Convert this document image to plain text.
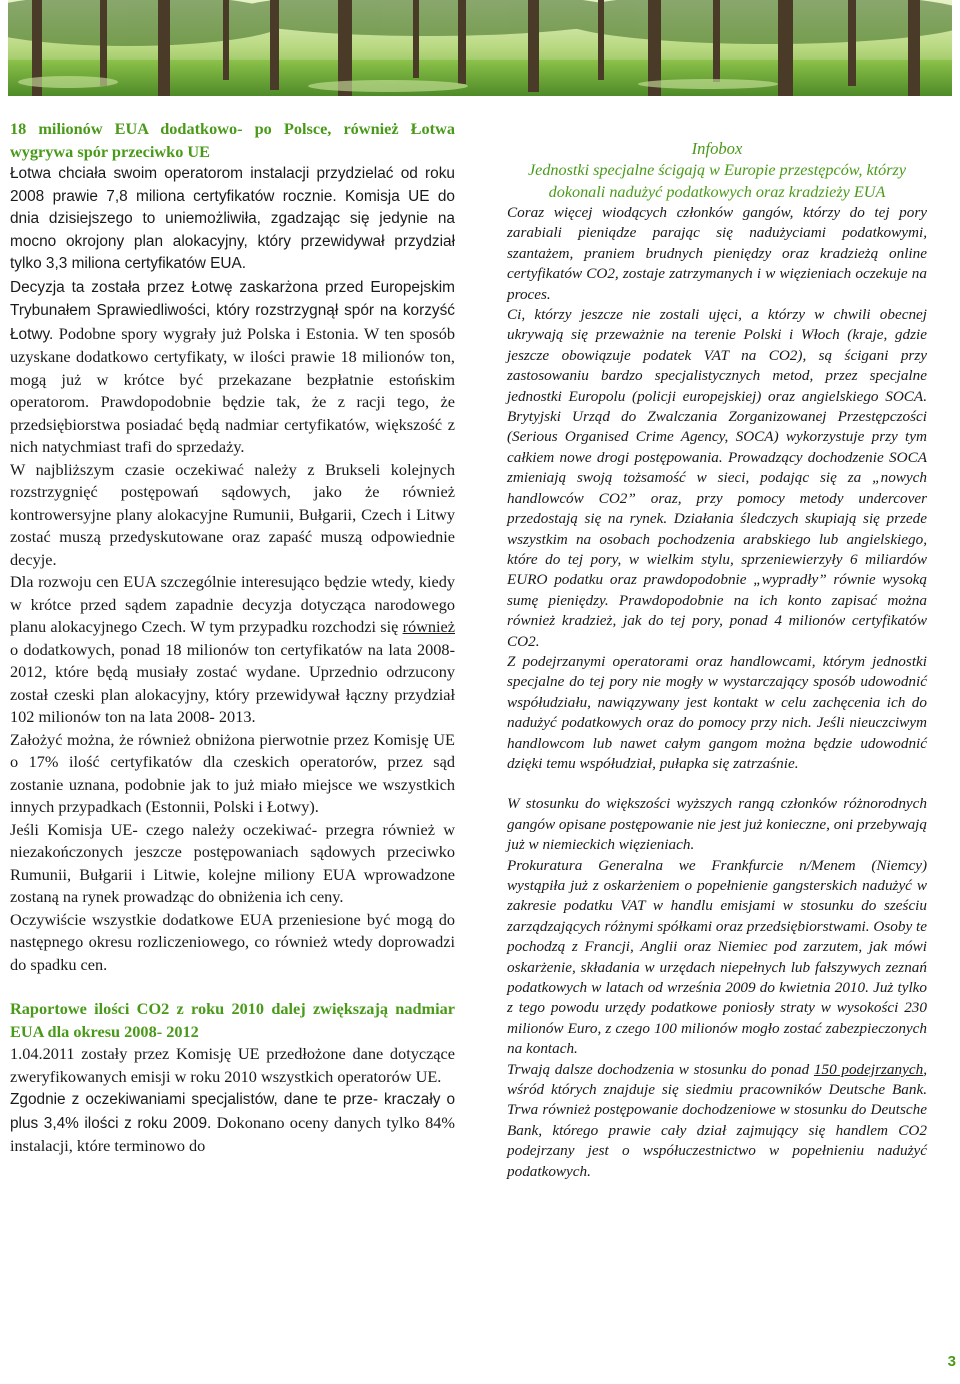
18 milionów EUA dodatkowo- po Polsce, również Łotwa wygrywa spór przeciwko UE

Łotwa chciała swoim operatorom instalacji przydzielać od roku 2008 prawie 7,8 miliona certyfikatów rocznie. Komisja UE do dnia dzisiejszego to uniemożliwiła, zgadzając się jedynie na mocno okrojony plan alokacyjny, który przewidywał przydział tylko 3,3 miliona certyfikatów EUA.

Decyzja ta została przez Łotwę zaskarżona przed Europejskim Trybunałem Sprawiedliwości, który rozstrzygnął spór na korzyść Łotwy. Podobne spory wygrały już Polska i Estonia. W ten sposób uzyskane dodatkowo certyfikaty, w ilości prawie 18 milionów ton, mogą już w krótce być przekazane bezpłatnie estońskim operatorom. Prawdopodobnie będzie tak, że z racji tego, że przedsiębiorstwa posiadać będą nadmiar certyfikatów, większość z nich natychmiast trafi do sprzedaży.

W najbliższym czasie oczekiwać należy z Brukseli kolejnych rozstrzygnięć postępowań sądowych, jako że również kontrowersyjne plany alokacyjne Rumunii, Bułgarii, Czech i Litwy zostać muszą przedyskutowane oraz zapaść muszą odpowiednie decyje.

Dla rozwoju cen EUA szczególnie interesująco będzie wtedy, kiedy w krótce przed sądem zapadnie decyzja dotycząca narodowego planu alokacyjnego Czech. W tym przypadku rozchodzi się również o dodatkowych, ponad 18 milionów ton certyfikatów na lata 2008- 2012, które będą musiały zostać wydane. Uprzednio odrzucony został czeski plan alokacyjny, który przewidywał łączny przydział 102 milionów ton na lata 2008- 2013.

Założyć można, że również obniżona pierwotnie przez Komisję UE o 17% ilość certyfikatów dla czeskich operatorów, przez sąd zostanie uznana, podobnie jak to już miało miejsce we wszystkich innych przypadkach (Estonnii, Polski i Łotwy).

Jeśli Komisja UE- czego należy oczekiwać- przegra również w niezakończonych jeszcze postępowaniach sądowych przeciwko Rumunii, Bułgarii i Litwie, kolejne miliony EUA wprowadzone zostaną na rynek prowadząc do obniżenia ich ceny.

Oczywiście wszystkie dodatkowe EUA przeniesione być mogą do następnego okresu rozliczeniowego, co również wtedy doprowadzi do spadku cen.

Raportowe ilości CO2 z roku 2010 dalej zwiększają nadmiar EUA dla okresu 2008- 2012

1.04.2011 zostały przez Komisję UE przedłożone dane dotyczące zweryfikowanych emisji w roku 2010 wszystkich operatorów UE.

Zgodnie z oczekiwaniami specjalistów, dane te prze- kraczały o plus 3,4% ilości z roku 2009. Dokonano oceny danych tylko 84% instalacji, które terminowo do

Infobox

Jednostki specjalne ścigają w Europie przestępców, którzy dokonali nadużyć podatkowych oraz kradzieży EUA

Coraz więcej wiodących członków gangów, którzy do tej pory zarabiali pieniądze parając się nadużyciami podatkowymi, szantażem, praniem brudnych pieniędzy oraz kradzieżą online certyfikatów CO2, zostaje zatrzymanych i w więzieniach oczekuje na proces.

Ci, którzy jeszcze nie zostali ujęci, a którzy w chwili obecnej ukrywają się przeważnie na terenie Polski i Włoch (kraje, gdzie jeszcze obowiązuje podatek VAT na CO2), są ścigani przy zastosowaniu bardzo specjalistycznych metod, przez specjalne jednostki Europolu (policji europejskiej) oraz angielskiego SOCA. Brytyjski Urząd do Zwalczania Zorganizowanej Przestępczości (Serious Organised Crime Agency, SOCA) wykorzystuje przy tym całkiem nowe drogi postępowania. Prowadzący dochodzenie SOCA zmieniają swoją tożsamość w sieci, podając się za „nowych handlowców CO2” oraz, przy pomocy metody undercover przedostają się na rynek. Działania śledczych skupiają się przede wszystkim na osobach pochodzenia arabskiego lub angielskiego, które do tej pory, w wielkim stylu, sprzeniewierzyły 6 miliardów EURO podatku oraz prawdopodobnie „wypradły” równie wysoką sumę pieniędzy. Prawdopodobnie na ich konto zapisać można również kradzież, jak do tej pory, ponad 4 milionów certyfikatów CO2.

Z podejrzanymi operatorami oraz handlowcami, którym jednostki specjalne do tej pory nie mogły w wystarczający sposób udowodnić współudziału, nawiązywany jest kontakt w celu zachęcenia ich do nadużyć podatkowych oraz do pomocy przy nich. Jeśli nieuczciwym handlowcom lub nawet całym gangom można będzie udowodnić dzięki temu współudział, pułapka się zatrzaśnie.

W stosunku do większości wyższych rangą członków różnorodnych gangów opisane postępowanie nie jest już konieczne, oni przebywają już w niemieckich więzieniach.

Prokuratura Generalna we Frankfurcie n/Menem (Niemcy) wystąpiła już z oskarżeniem o popełnienie gangsterskich nadużyć w zakresie podatku VAT w handlu emisjami w stosunku do sześciu zarządzających różnymi spółkami oraz przedsiębiorstwami. Osoby te pochodzą z Francji, Anglii oraz Niemiec pod zarzutem, jak mówi oskarżenie, składania w urzędach niepełnych lub fałszywych zeznań podatkowych w latach od września 2009 do kwietnia 2010. Już tylko z tego powodu urzędy podatkowe poniosły straty w wysokości 230 milionów Euro, z czego 100 milionów mogło zostać zabezpieczonych na kontach.

Trwają dalsze dochodzenia w stosunku do ponad 150 podejrzanych, wśród których znajduje się siedmiu pracowników Deutsche Bank. Trwa również postępowanie dochodzeniowe w stosunku do Deutsche Bank, którego prawie cały dział zajmujący się handlem CO2 podejrzany jest o współuczestnictwo w popełnieniu nadużyć podatkowych.

3
